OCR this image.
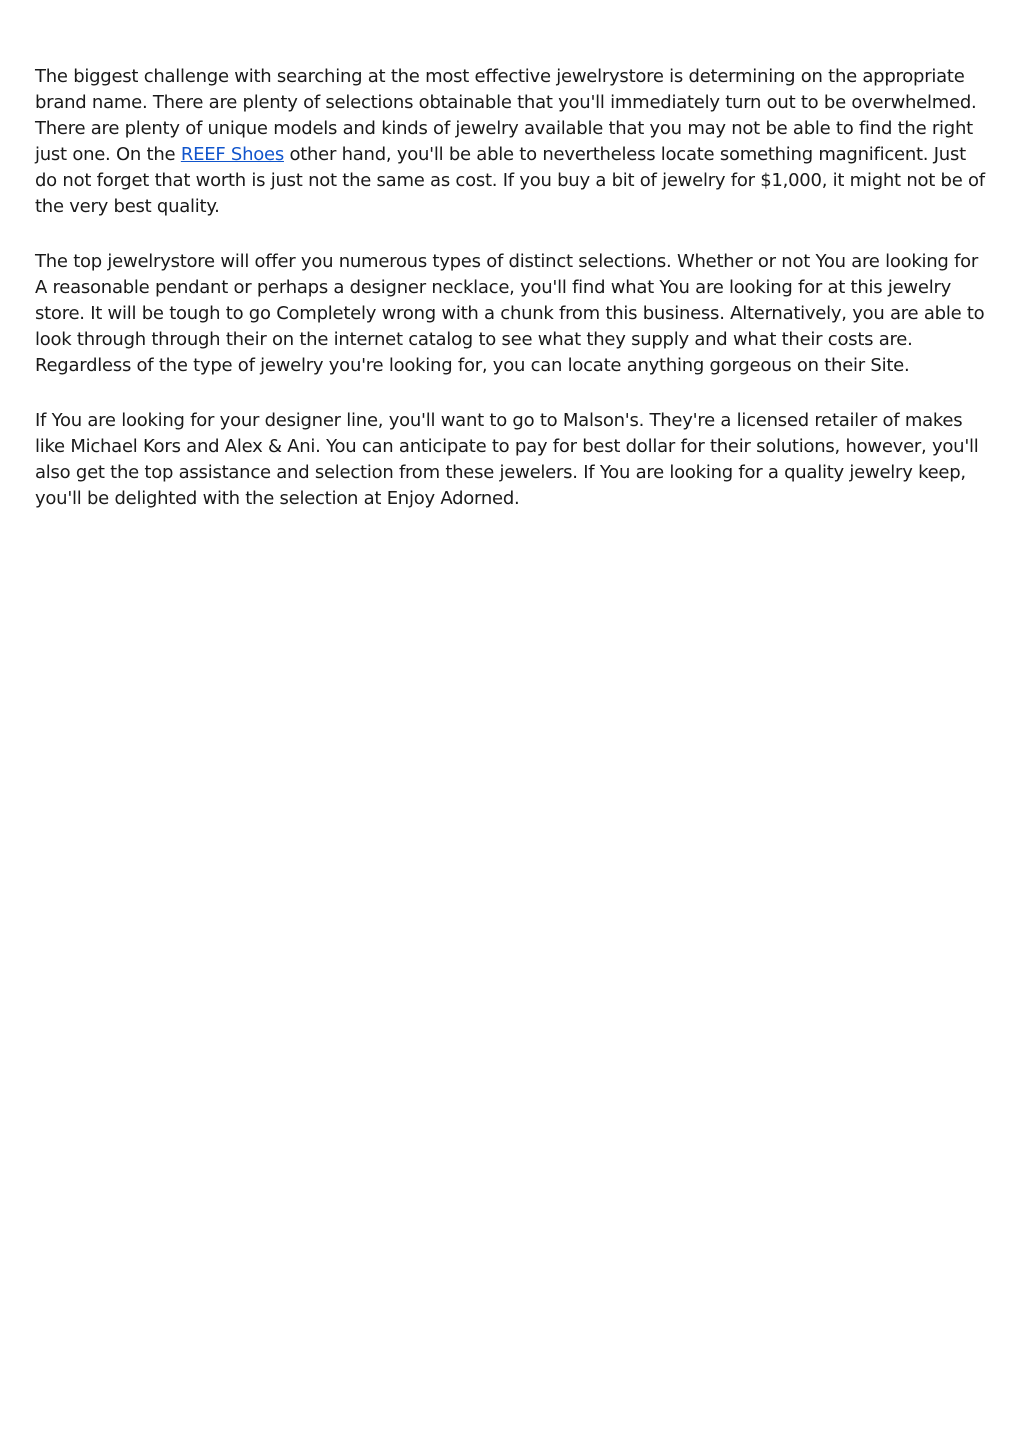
The biggest challenge with searching at the most effective jewelrystore is determining on the appropriate brand name. There are plenty of selections obtainable that you'll immediately turn out to be overwhelmed. There are plenty of unique models and kinds of jewelry available that you may not be able to find the right just one. On the REEF Shoes other hand, you'll be able to nevertheless locate something magnificent. Just do not forget that worth is just not the same as cost. If you buy a bit of jewelry for $1,000, it might not be of the very best quality.

The top jewelrystore will offer you numerous types of distinct selections. Whether or not You are looking for A reasonable pendant or perhaps a designer necklace, you'll find what You are looking for at this jewelry store. It will be tough to go Completely wrong with a chunk from this business. Alternatively, you are able to look through through their on the internet catalog to see what they supply and what their costs are. Regardless of the type of jewelry you're looking for, you can locate anything gorgeous on their Site.

If You are looking for your designer line, you'll want to go to Malson's. They're a licensed retailer of makes like Michael Kors and Alex & Ani. You can anticipate to pay for best dollar for their solutions, however, you'll also get the top assistance and selection from these jewelers. If You are looking for a quality jewelry keep, you'll be delighted with the selection at Enjoy Adorned.
